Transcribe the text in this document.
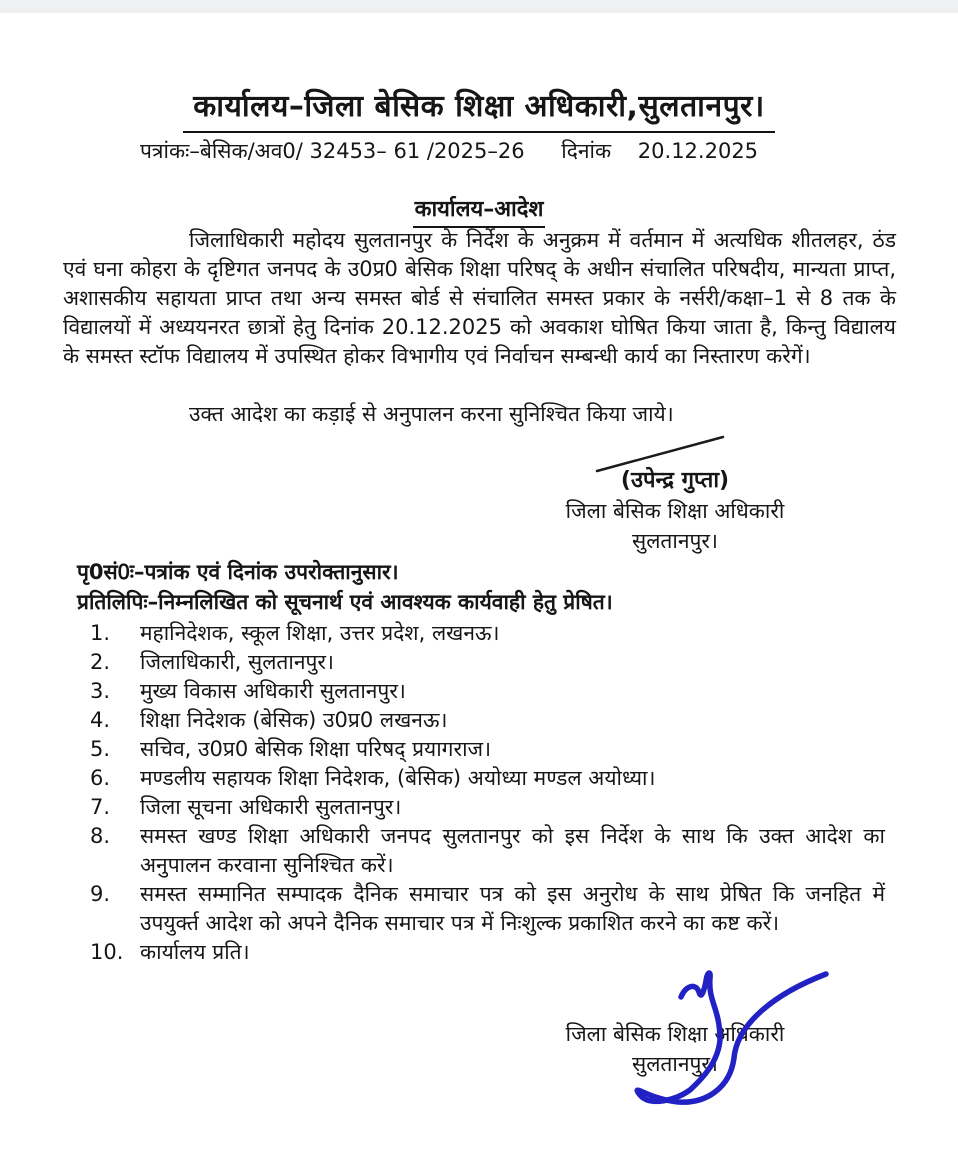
कार्यालय–जिला बेसिक शिक्षा अधिकारी,सुलतानपुर।
पत्रांकः–बेसिक/अव0/ 32453– 61 /2025–26 दिनांक 20.12.2025
कार्यालय–आदेश
जिलाधिकारी महोदय सुलतानपुर के निर्देश के अनुक्रम में वर्तमान में अत्यधिक शीतलहर, ठंड एवं घना कोहरा के दृष्टिगत जनपद के उ0प्र0 बेसिक शिक्षा परिषद् के अधीन संचालित परिषदीय, मान्यता प्राप्त, अशासकीय सहायता प्राप्त तथा अन्य समस्त बोर्ड से संचालित समस्त प्रकार के नर्सरी/कक्षा–1 से 8 तक के विद्यालयों में अध्ययनरत छात्रों हेतु दिनांक 20.12.2025 को अवकाश घोषित किया जाता है, किन्तु विद्यालय के समस्त स्टॉफ विद्यालय में उपस्थित होकर विभागीय एवं निर्वाचन सम्बन्धी कार्य का निस्तारण करेगें।
उक्त आदेश का कड़ाई से अनुपालन करना सुनिश्चित किया जाये।
(उपेन्द्र गुप्ता)
जिला बेसिक शिक्षा अधिकारी
सुलतानपुर।
पृ0सं0ः–पत्रांक एवं दिनांक उपरोक्तानुसार।
प्रतिलिपिः–निम्नलिखित को सूचनार्थ एवं आवश्यक कार्यवाही हेतु प्रेषित।
1.	महानिदेशक, स्कूल शिक्षा, उत्तर प्रदेश, लखनऊ।
2.	जिलाधिकारी, सुलतानपुर।
3.	मुख्य विकास अधिकारी सुलतानपुर।
4.	शिक्षा निदेशक (बेसिक) उ0प्र0 लखनऊ।
5.	सचिव, उ0प्र0 बेसिक शिक्षा परिषद् प्रयागराज।
6.	मण्डलीय सहायक शिक्षा निदेशक, (बेसिक) अयोध्या मण्डल अयोध्या।
7.	जिला सूचना अधिकारी सुलतानपुर।
8.	समस्त खण्ड शिक्षा अधिकारी जनपद सुलतानपुर को इस निर्देश के साथ कि उक्त आदेश का अनुपालन करवाना सुनिश्चित करें।
9.	समस्त सम्मानित सम्पादक दैनिक समाचार पत्र को इस अनुरोध के साथ प्रेषित कि जनहित में उपयुर्क्त आदेश को अपने दैनिक समाचार पत्र में निःशुल्क प्रकाशित करने का कष्ट करें।
10. कार्यालय प्रति।
जिला बेसिक शिक्षा अधिकारी
सुलतानपुर।
